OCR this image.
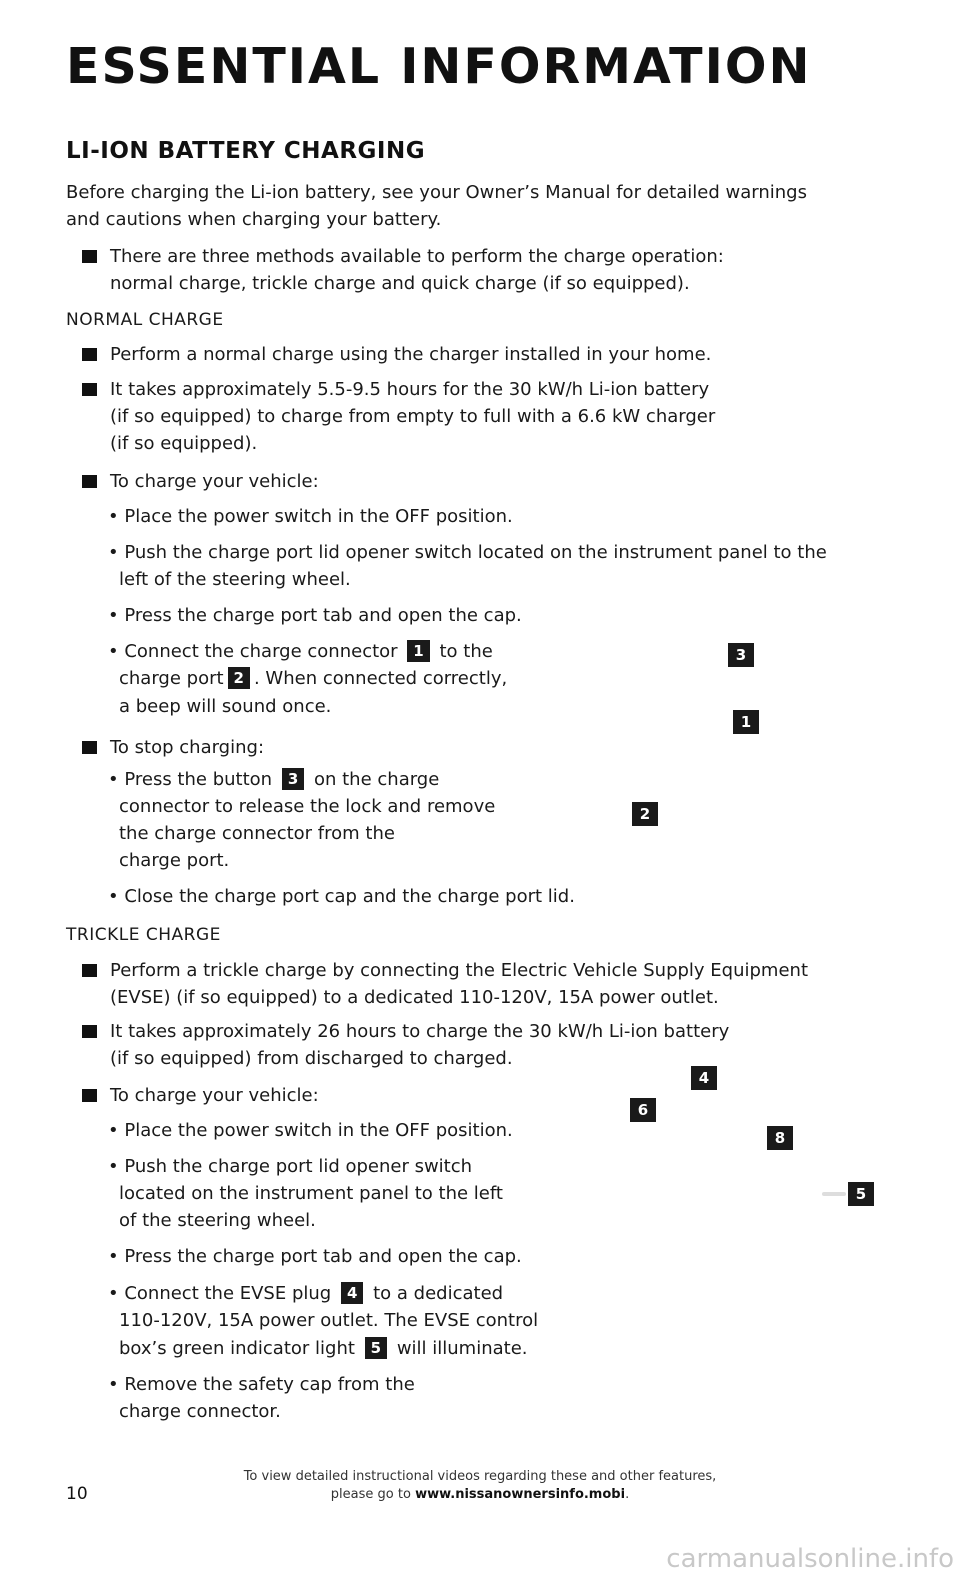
ESSENTIAL INFORMATION
LI-ION BATTERY CHARGING
Before charging the Li-ion battery, see your Owner’s Manual for detailed warnings
and cautions when charging your battery.
There are three methods available to perform the charge operation:
normal charge, trickle charge and quick charge (if so equipped).
NORMAL CHARGE
Perform a normal charge using the charger installed in your home.
It takes approximately 5.5-9.5 hours for the 30 kW/h Li-ion battery
(if so equipped) to charge from empty to full with a 6.6 kW charger
(if so equipped).
To charge your vehicle:
• Place the power switch in the OFF position.
• Push the charge port lid opener switch located on the instrument panel to the
left of the steering wheel.
• Press the charge port tab and open the cap.
• Connect the charge connector 1 to the
charge port 2 . When connected correctly,
a beep will sound once.
To stop charging:
• Press the button 3 on the charge
connector to release the lock and remove
the charge connector from the
charge port.
• Close the charge port cap and the charge port lid.
3
1
2
TRICKLE CHARGE
Perform a trickle charge by connecting the Electric Vehicle Supply Equipment
(EVSE) (if so equipped) to a dedicated 110-120V, 15A power outlet.
It takes approximately 26 hours to charge the 30 kW/h Li-ion battery
(if so equipped) from discharged to charged.
To charge your vehicle:
• Place the power switch in the OFF position.
• Push the charge port lid opener switch
located on the instrument panel to the left
of the steering wheel.
• Press the charge port tab and open the cap.
• Connect the EVSE plug 4 to a dedicated
110-120V, 15A power outlet. The EVSE control
box’s green indicator light 5 will illuminate.
• Remove the safety cap from the
charge connector.
4
6
8
5
10
To view detailed instructional videos regarding these and other features,
please go to www.nissanownersinfo.mobi.
carmanualsonline.info
